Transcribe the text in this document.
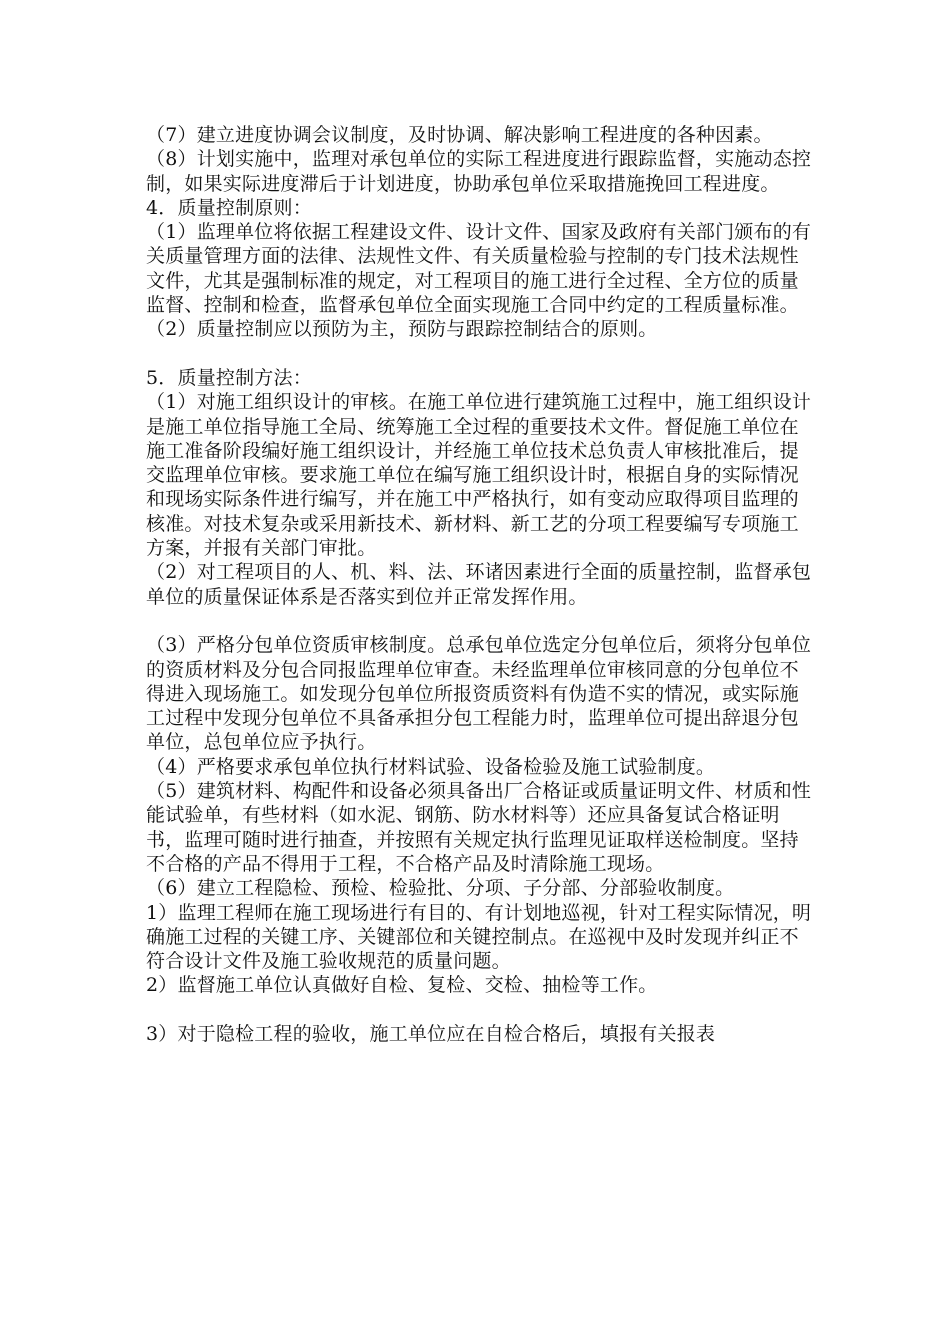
（7）建立进度协调会议制度，及时协调、解决影响工程进度的各种因素。

（8）计划实施中，监理对承包单位的实际工程进度进行跟踪监督，实施动态控制，如果实际进度滞后于计划进度，协助承包单位采取措施挽回工程进度。

4．质量控制原则：

（1）监理单位将依据工程建设文件、设计文件、国家及政府有关部门颁布的有关质量管理方面的法律、法规性文件、有关质量检验与控制的专门技术法规性文件，尤其是强制标准的规定，对工程项目的施工进行全过程、全方位的质量监督、控制和检查，监督承包单位全面实现施工合同中约定的工程质量标准。

（2）质量控制应以预防为主，预防与跟踪控制结合的原则。

5．质量控制方法：

（1）对施工组织设计的审核。在施工单位进行建筑施工过程中，施工组织设计是施工单位指导施工全局、统筹施工全过程的重要技术文件。督促施工单位在施工准备阶段编好施工组织设计，并经施工单位技术总负责人审核批准后，提交监理单位审核。要求施工单位在编写施工组织设计时，根据自身的实际情况和现场实际条件进行编写，并在施工中严格执行，如有变动应取得项目监理的核准。对技术复杂或采用新技术、新材料、新工艺的分项工程要编写专项施工方案，并报有关部门审批。

（2）对工程项目的人、机、料、法、环诸因素进行全面的质量控制，监督承包单位的质量保证体系是否落实到位并正常发挥作用。

（3）严格分包单位资质审核制度。总承包单位选定分包单位后，须将分包单位的资质材料及分包合同报监理单位审查。未经监理单位审核同意的分包单位不得进入现场施工。如发现分包单位所报资质资料有伪造不实的情况，或实际施工过程中发现分包单位不具备承担分包工程能力时，监理单位可提出辞退分包单位，总包单位应予执行。

（4）严格要求承包单位执行材料试验、设备检验及施工试验制度。

（5）建筑材料、构配件和设备必须具备出厂合格证或质量证明文件、材质和性能试验单，有些材料（如水泥、钢筋、防水材料等）还应具备复试合格证明书，监理可随时进行抽查，并按照有关规定执行监理见证取样送检制度。坚持不合格的产品不得用于工程，不合格产品及时清除施工现场。

（6）建立工程隐检、预检、检验批、分项、子分部、分部验收制度。

1）监理工程师在施工现场进行有目的、有计划地巡视，针对工程实际情况，明确施工过程的关键工序、关键部位和关键控制点。在巡视中及时发现并纠正不符合设计文件及施工验收规范的质量问题。

2）监督施工单位认真做好自检、复检、交检、抽检等工作。

3）对于隐检工程的验收，施工单位应在自检合格后，填报有关报表
